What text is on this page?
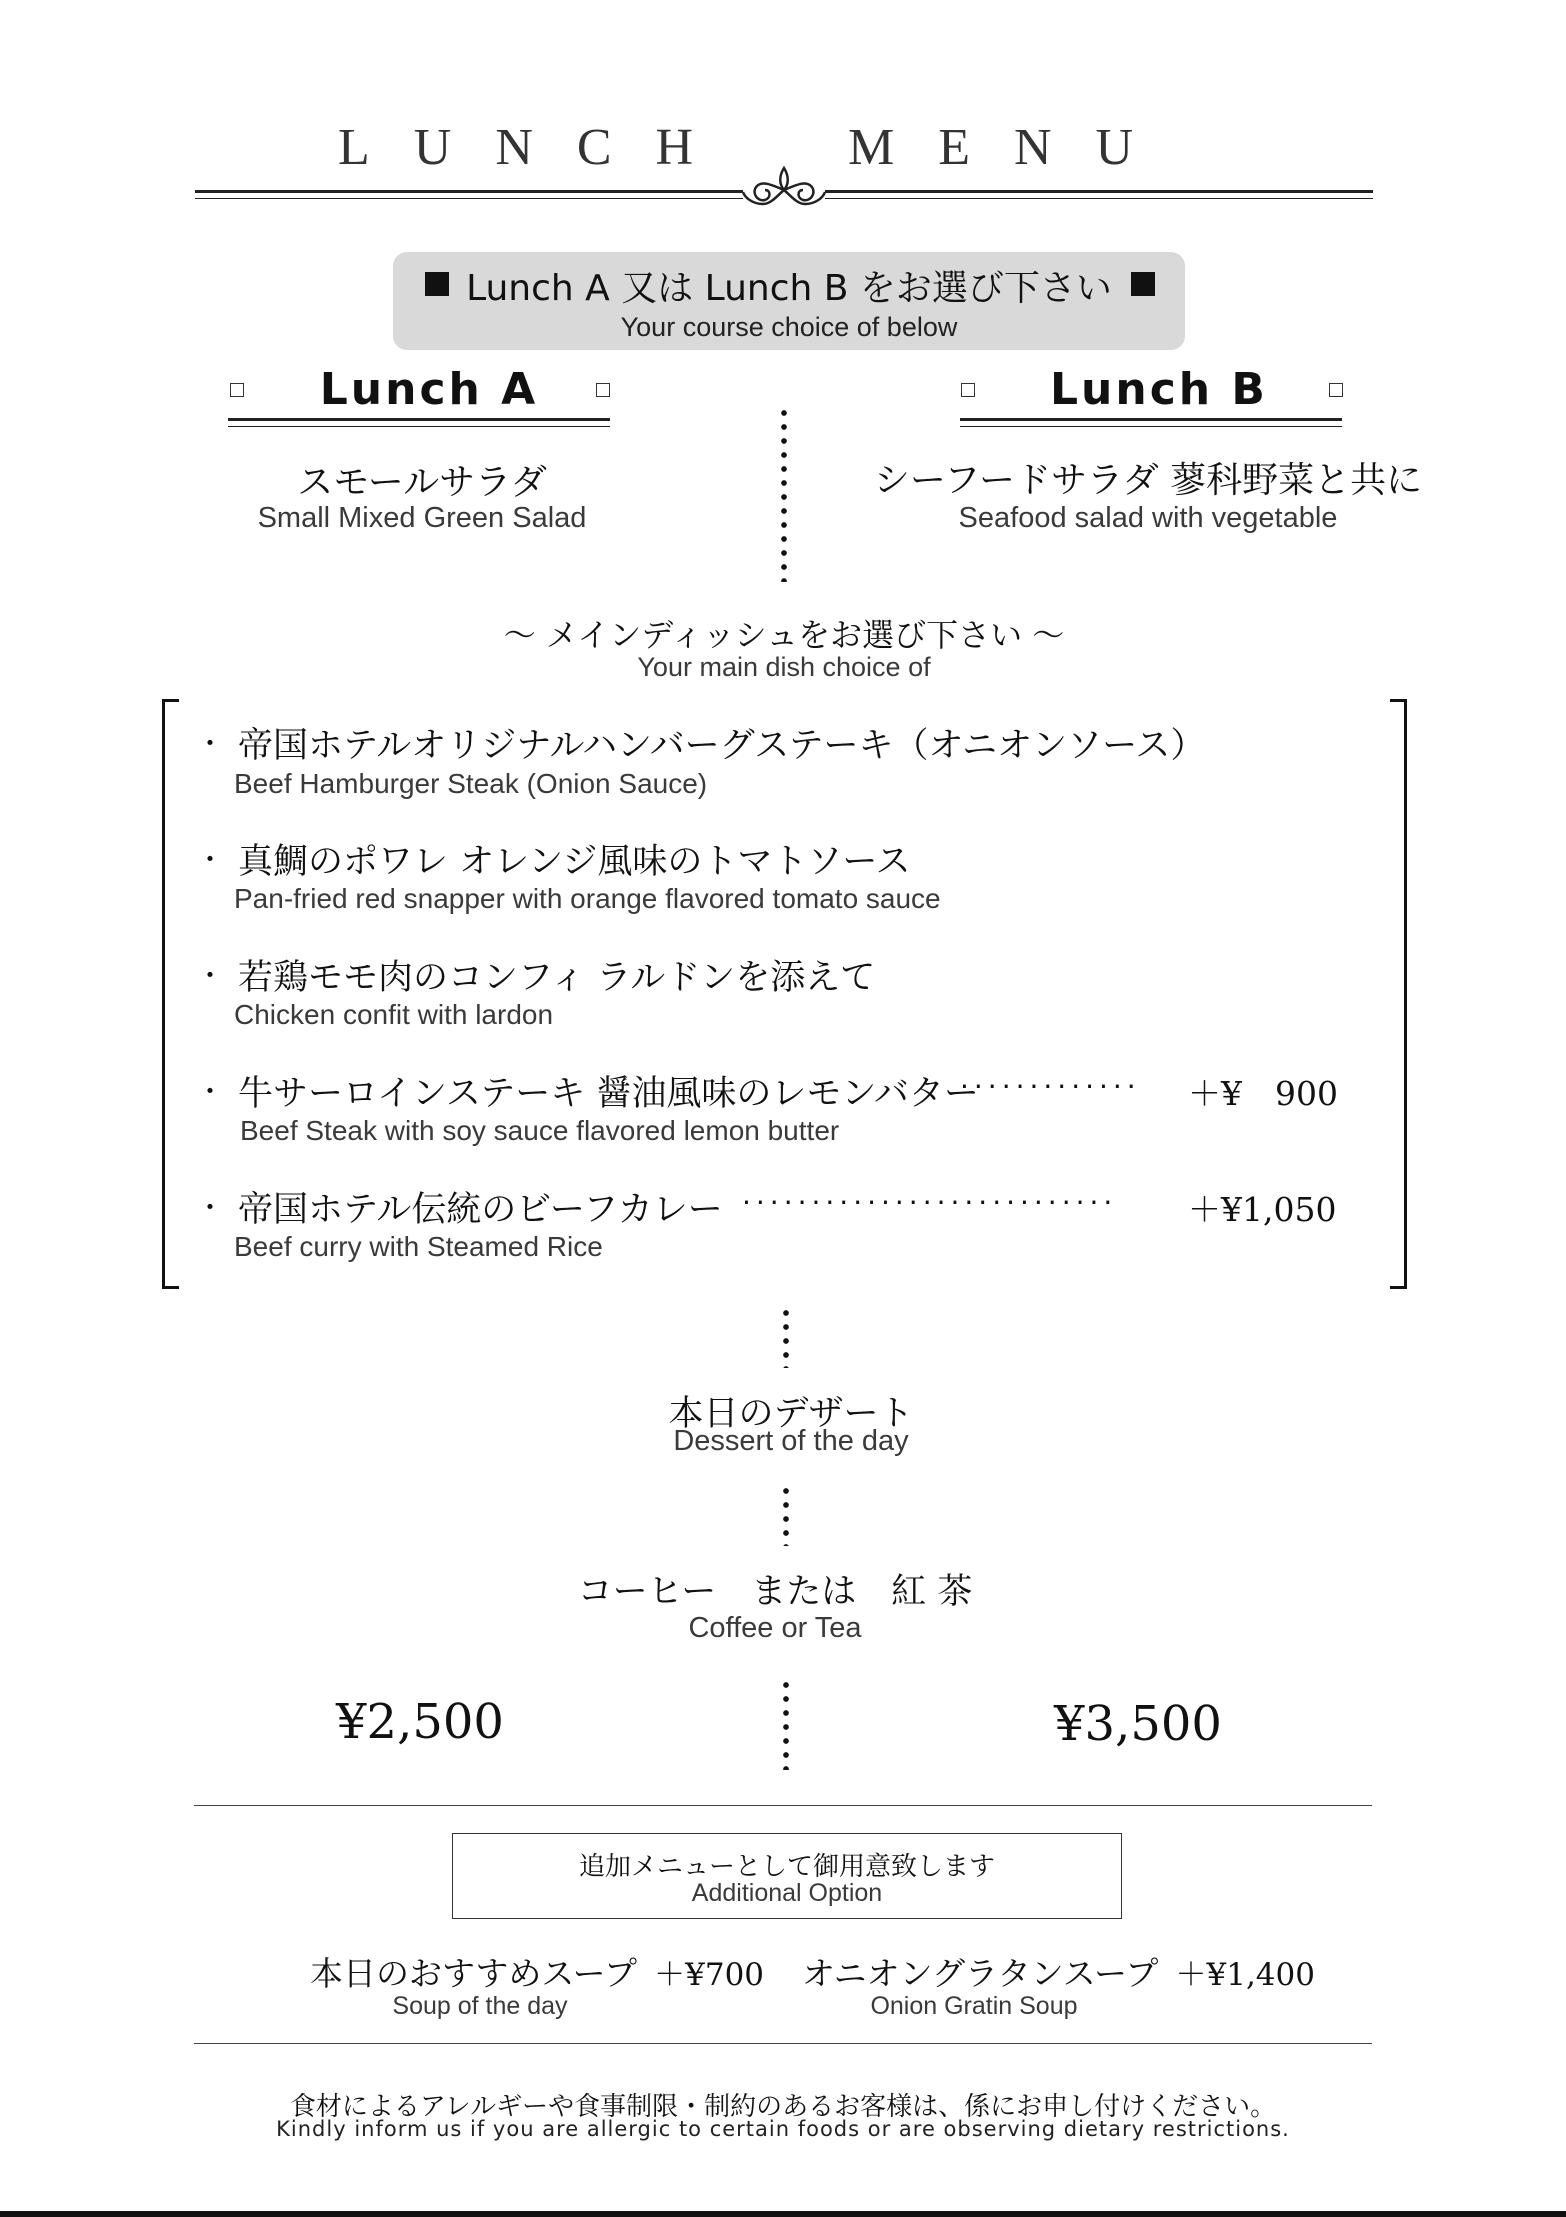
LUNCH MENU
Lunch A 又は Lunch B をお選び下さい
Your course choice of below
Lunch A	Lunch B
スモールサラダ
Small Mixed Green Salad
シーフードサラダ 蓼科野菜と共に
Seafood salad with vegetable
～ メインディッシュをお選び下さい ～
Your main dish choice of
・ 帝国ホテルオリジナルハンバーグステーキ（オニオンソース）
Beef Hamburger Steak (Onion Sauce)
・ 真鯛のポワレ オレンジ風味のトマトソース
Pan-fried red snapper with orange flavored tomato sauce
・ 若鶏モモ肉のコンフィ ラルドンを添えて
Chicken confit with lardon
・ 牛サーロインステーキ 醤油風味のレモンバター
············· ＋¥　900
Beef Steak with soy sauce flavored lemon butter
・ 帝国ホテル伝統のビーフカレー ··························· ＋¥1,050
Beef curry with Steamed Rice
本日のデザート
Dessert of the day
コーヒー　または　紅 茶
Coffee or Tea
¥2,500	¥3,500
追加メニューとして御用意致します
Additional Option
本日のおすすめスープ ＋¥700
Soup of the day
オニオングラタンスープ ＋¥1,400
Onion Gratin Soup
食材によるアレルギーや食事制限・制約のあるお客様は、係にお申し付けください。
Kindly inform us if you are allergic to certain foods or are observing dietary restrictions.
